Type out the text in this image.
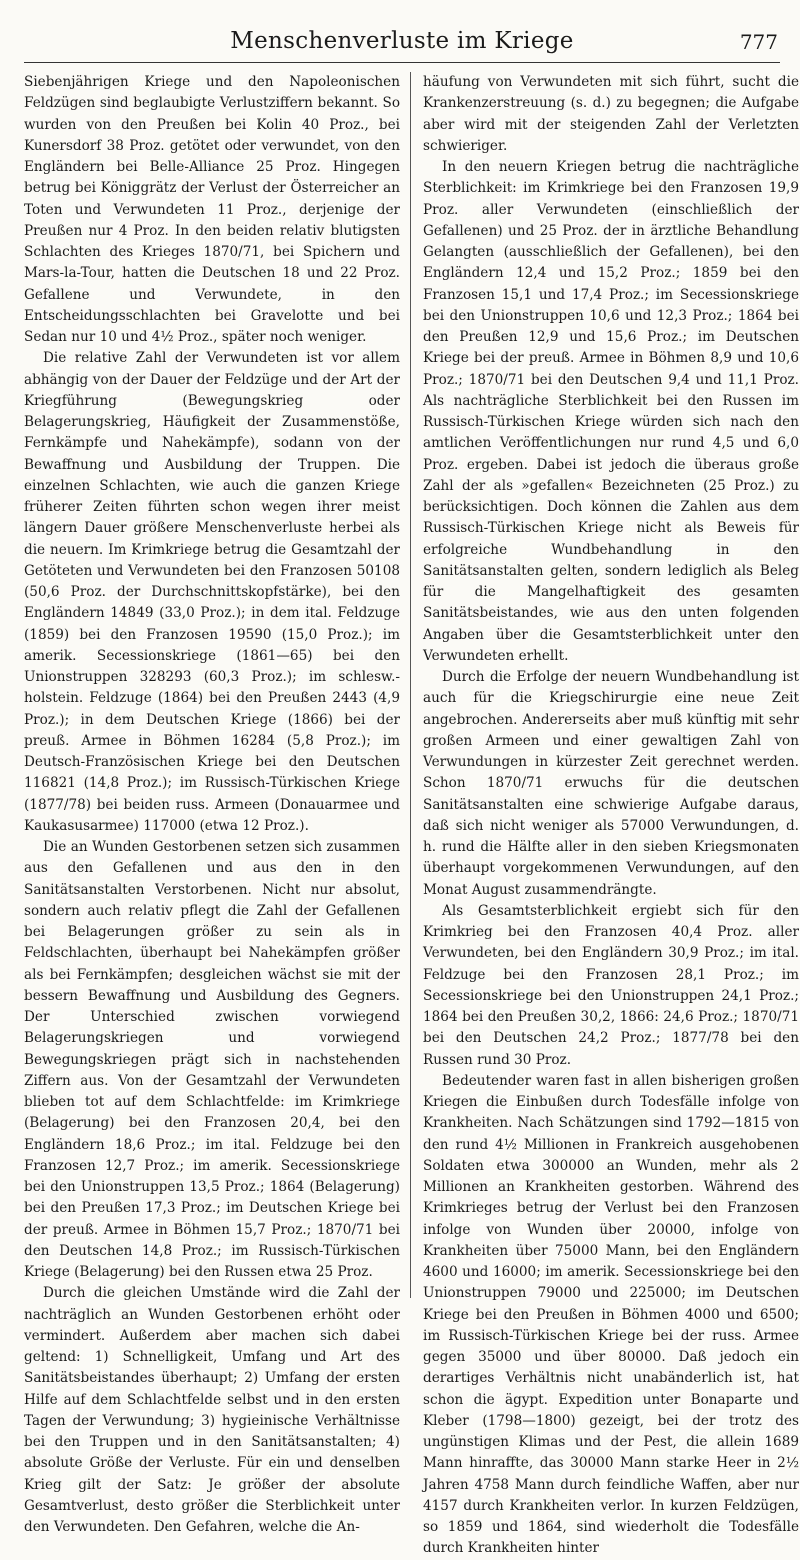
Menschenverluste im Kriege	777

Siebenjährigen Kriege und den Napoleonischen Feldzügen sind beglaubigte Verlustziffern bekannt. So wurden von den Preußen bei Kolin 40 Proz., bei Kunersdorf 38 Proz. getötet oder verwundet, von den Engländern bei Belle-Alliance 25 Proz. Hingegen betrug bei Königgrätz der Verlust der Österreicher an Toten und Verwundeten 11 Proz., derjenige der Preußen nur 4 Proz. In den beiden relativ blutigsten Schlachten des Krieges 1870/71, bei Spichern und Mars-la-Tour, hatten die Deutschen 18 und 22 Proz. Gefallene und Verwundete, in den Entscheidungsschlachten bei Gravelotte und bei Sedan nur 10 und 4½ Proz., später noch weniger.

Die relative Zahl der Verwundeten ist vor allem abhängig von der Dauer der Feldzüge und der Art der Kriegführung (Bewegungskrieg oder Belagerungskrieg, Häufigkeit der Zusammenstöße, Fernkämpfe und Nahekämpfe), sodann von der Bewaffnung und Ausbildung der Truppen. Die einzelnen Schlachten, wie auch die ganzen Kriege früherer Zeiten führten schon wegen ihrer meist längern Dauer größere Menschenverluste herbei als die neuern. Im Krimkriege betrug die Gesamtzahl der Getöteten und Verwundeten bei den Franzosen 50108 (50,6 Proz. der Durchschnittskopfstärke), bei den Engländern 14849 (33,0 Proz.); in dem ital. Feldzuge (1859) bei den Franzosen 19590 (15,0 Proz.); im amerik. Secessionskriege (1861—65) bei den Unionstruppen 328293 (60,3 Proz.); im schlesw.-holstein. Feldzuge (1864) bei den Preußen 2443 (4,9 Proz.); in dem Deutschen Kriege (1866) bei der preuß. Armee in Böhmen 16284 (5,8 Proz.); im Deutsch-Französischen Kriege bei den Deutschen 116821 (14,8 Proz.); im Russisch-Türkischen Kriege (1877/78) bei beiden russ. Armeen (Donauarmee und Kaukasusarmee) 117000 (etwa 12 Proz.).

Die an Wunden Gestorbenen setzen sich zusammen aus den Gefallenen und aus den in den Sanitätsanstalten Verstorbenen. Nicht nur absolut, sondern auch relativ pflegt die Zahl der Gefallenen bei Belagerungen größer zu sein als in Feldschlachten, überhaupt bei Nahekämpfen größer als bei Fernkämpfen; desgleichen wächst sie mit der bessern Bewaffnung und Ausbildung des Gegners. Der Unterschied zwischen vorwiegend Belagerungskriegen und vorwiegend Bewegungskriegen prägt sich in nachstehenden Ziffern aus. Von der Gesamtzahl der Verwundeten blieben tot auf dem Schlachtfelde: im Krimkriege (Belagerung) bei den Franzosen 20,4, bei den Engländern 18,6 Proz.; im ital. Feldzuge bei den Franzosen 12,7 Proz.; im amerik. Secessionskriege bei den Unionstruppen 13,5 Proz.; 1864 (Belagerung) bei den Preußen 17,3 Proz.; im Deutschen Kriege bei der preuß. Armee in Böhmen 15,7 Proz.; 1870/71 bei den Deutschen 14,8 Proz.; im Russisch-Türkischen Kriege (Belagerung) bei den Russen etwa 25 Proz.

Durch die gleichen Umstände wird die Zahl der nachträglich an Wunden Gestorbenen erhöht oder vermindert. Außerdem aber machen sich dabei geltend: 1) Schnelligkeit, Umfang und Art des Sanitätsbeistandes überhaupt; 2) Umfang der ersten Hilfe auf dem Schlachtfelde selbst und in den ersten Tagen der Verwundung; 3) hygieinische Verhältnisse bei den Truppen und in den Sanitätsanstalten; 4) absolute Größe der Verluste. Für ein und denselben Krieg gilt der Satz: Je größer der absolute Gesamtverlust, desto größer die Sterblichkeit unter den Verwundeten. Den Gefahren, welche die An-

häufung von Verwundeten mit sich führt, sucht die Krankenzerstreuung (s. d.) zu begegnen; die Aufgabe aber wird mit der steigenden Zahl der Verletzten schwieriger.

In den neuern Kriegen betrug die nachträgliche Sterblichkeit: im Krimkriege bei den Franzosen 19,9 Proz. aller Verwundeten (einschließlich der Gefallenen) und 25 Proz. der in ärztliche Behandlung Gelangten (ausschließlich der Gefallenen), bei den Engländern 12,4 und 15,2 Proz.; 1859 bei den Franzosen 15,1 und 17,4 Proz.; im Secessionskriege bei den Unionstruppen 10,6 und 12,3 Proz.; 1864 bei den Preußen 12,9 und 15,6 Proz.; im Deutschen Kriege bei der preuß. Armee in Böhmen 8,9 und 10,6 Proz.; 1870/71 bei den Deutschen 9,4 und 11,1 Proz. Als nachträgliche Sterblichkeit bei den Russen im Russisch-Türkischen Kriege würden sich nach den amtlichen Veröffentlichungen nur rund 4,5 und 6,0 Proz. ergeben. Dabei ist jedoch die überaus große Zahl der als »gefallen« Bezeichneten (25 Proz.) zu berücksichtigen. Doch können die Zahlen aus dem Russisch-Türkischen Kriege nicht als Beweis für erfolgreiche Wundbehandlung in den Sanitätsanstalten gelten, sondern lediglich als Beleg für die Mangelhaftigkeit des gesamten Sanitätsbeistandes, wie aus den unten folgenden Angaben über die Gesamtsterblichkeit unter den Verwundeten erhellt.

Durch die Erfolge der neuern Wundbehandlung ist auch für die Kriegschirurgie eine neue Zeit angebrochen. Andererseits aber muß künftig mit sehr großen Armeen und einer gewaltigen Zahl von Verwundungen in kürzester Zeit gerechnet werden. Schon 1870/71 erwuchs für die deutschen Sanitätsanstalten eine schwierige Aufgabe daraus, daß sich nicht weniger als 57000 Verwundungen, d. h. rund die Hälfte aller in den sieben Kriegsmonaten überhaupt vorgekommenen Verwundungen, auf den Monat August zusammendrängte.

Als Gesamtsterblichkeit ergiebt sich für den Krimkrieg bei den Franzosen 40,4 Proz. aller Verwundeten, bei den Engländern 30,9 Proz.; im ital. Feldzuge bei den Franzosen 28,1 Proz.; im Secessionskriege bei den Unionstruppen 24,1 Proz.; 1864 bei den Preußen 30,2, 1866: 24,6 Proz.; 1870/71 bei den Deutschen 24,2 Proz.; 1877/78 bei den Russen rund 30 Proz.

Bedeutender waren fast in allen bisherigen großen Kriegen die Einbußen durch Todesfälle infolge von Krankheiten. Nach Schätzungen sind 1792—1815 von den rund 4½ Millionen in Frankreich ausgehobenen Soldaten etwa 300000 an Wunden, mehr als 2 Millionen an Krankheiten gestorben. Während des Krimkrieges betrug der Verlust bei den Franzosen infolge von Wunden über 20000, infolge von Krankheiten über 75000 Mann, bei den Engländern 4600 und 16000; im amerik. Secessionskriege bei den Unionstruppen 79000 und 225000; im Deutschen Kriege bei den Preußen in Böhmen 4000 und 6500; im Russisch-Türkischen Kriege bei der russ. Armee gegen 35000 und über 80000. Daß jedoch ein derartiges Verhältnis nicht unabänderlich ist, hat schon die ägypt. Expedition unter Bonaparte und Kleber (1798—1800) gezeigt, bei der trotz des ungünstigen Klimas und der Pest, die allein 1689 Mann hinraffte, das 30000 Mann starke Heer in 2½ Jahren 4758 Mann durch feindliche Waffen, aber nur 4157 durch Krankheiten verlor. In kurzen Feldzügen, so 1859 und 1864, sind wiederholt die Todesfälle durch Krankheiten hinter
